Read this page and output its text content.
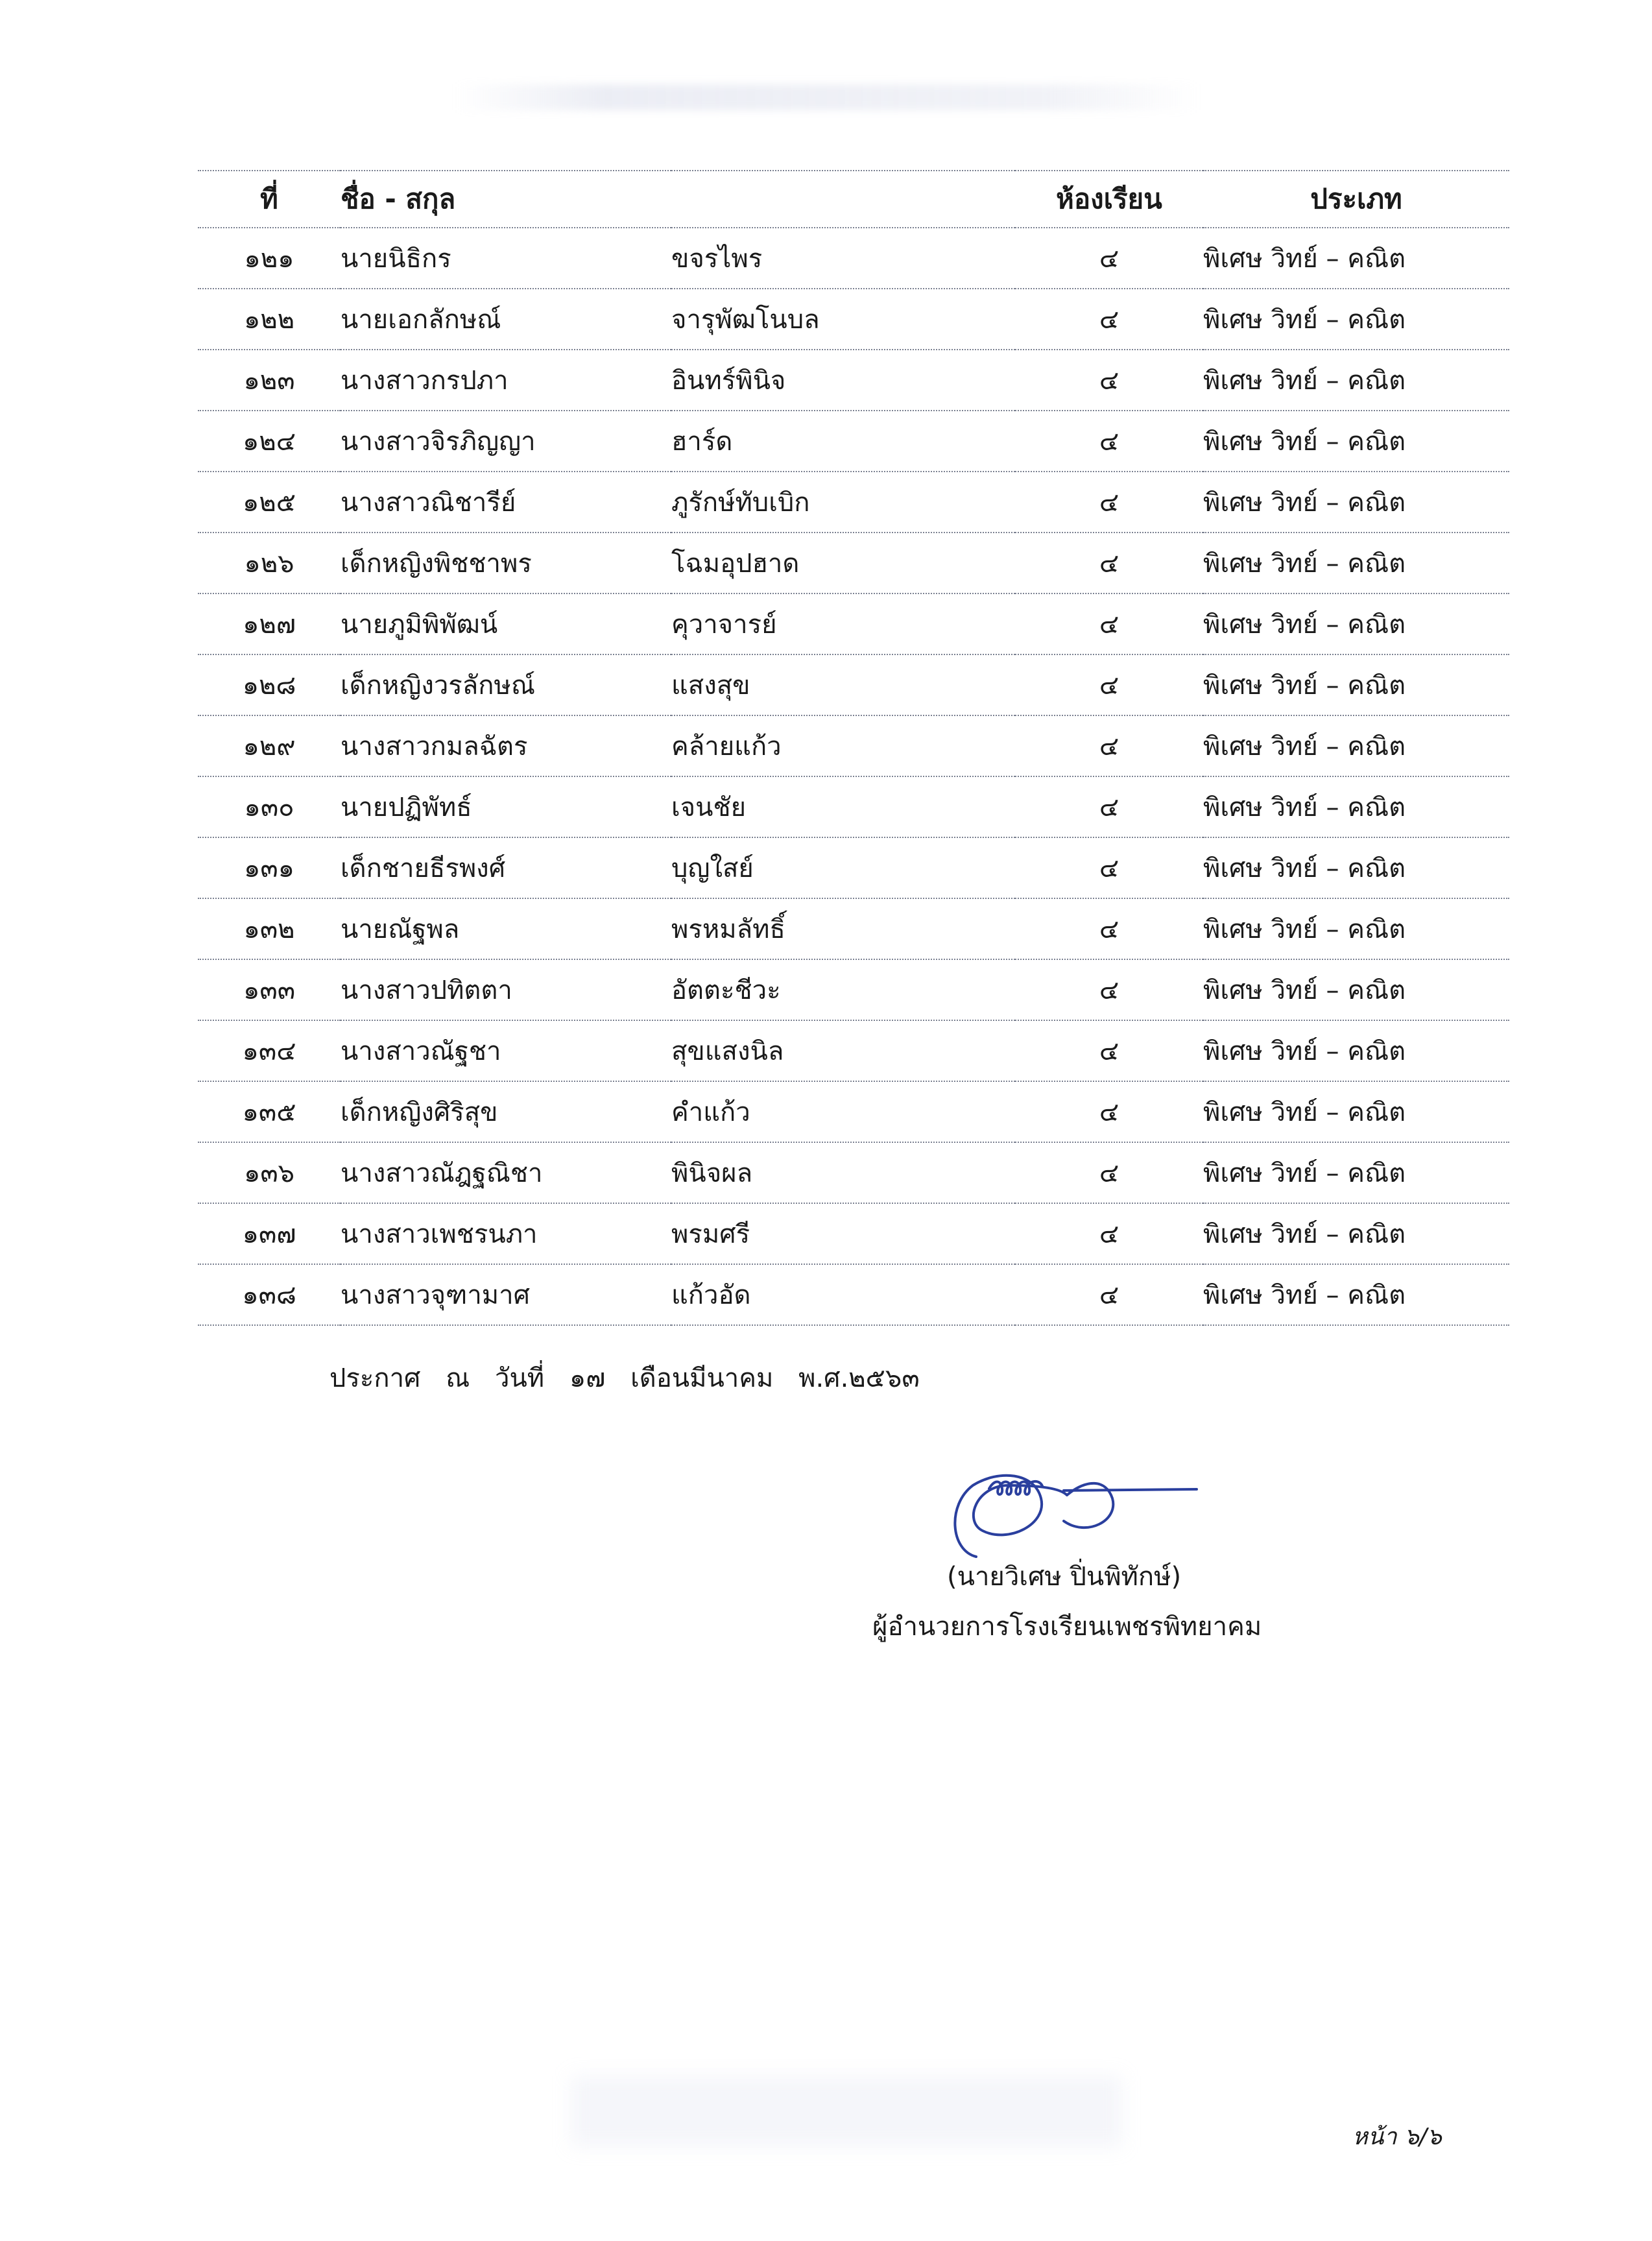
ที่	ชื่อ - สกุล		ห้องเรียน	ประเภท
๑๒๑	นายนิธิกร	ขจรไพร	๔	พิเศษ วิทย์ – คณิต
๑๒๒	นายเอกลักษณ์	จารุพัฒโนบล	๔	พิเศษ วิทย์ – คณิต
๑๒๓	นางสาวกรปภา	อินทร์พินิจ	๔	พิเศษ วิทย์ – คณิต
๑๒๔	นางสาวจิรภิญญา	ฮาร์ด	๔	พิเศษ วิทย์ – คณิต
๑๒๕	นางสาวณิชารีย์	ภูรักษ์ทับเบิก	๔	พิเศษ วิทย์ – คณิต
๑๒๖	เด็กหญิงพิชชาพร	โฉมอุปฮาด	๔	พิเศษ วิทย์ – คณิต
๑๒๗	นายภูมิพิพัฒน์	คุวาจารย์	๔	พิเศษ วิทย์ – คณิต
๑๒๘	เด็กหญิงวรลักษณ์	แสงสุข	๔	พิเศษ วิทย์ – คณิต
๑๒๙	นางสาวกมลฉัตร	คล้ายแก้ว	๔	พิเศษ วิทย์ – คณิต
๑๓๐	นายปฏิพัทธ์	เจนชัย	๔	พิเศษ วิทย์ – คณิต
๑๓๑	เด็กชายธีรพงศ์	บุญใสย์	๔	พิเศษ วิทย์ – คณิต
๑๓๒	นายณัฐพล	พรหมลัทธิ์	๔	พิเศษ วิทย์ – คณิต
๑๓๓	นางสาวปทิตตา	อัตตะชีวะ	๔	พิเศษ วิทย์ – คณิต
๑๓๔	นางสาวณัฐชา	สุขแสงนิล	๔	พิเศษ วิทย์ – คณิต
๑๓๕	เด็กหญิงศิริสุข	คำแก้ว	๔	พิเศษ วิทย์ – คณิต
๑๓๖	นางสาวณัฎฐณิชา	พินิจผล	๔	พิเศษ วิทย์ – คณิต
๑๓๗	นางสาวเพชรนภา	พรมศรี	๔	พิเศษ วิทย์ – คณิต
๑๓๘	นางสาวจุฑามาศ	แก้วอัด	๔	พิเศษ วิทย์ – คณิต
ประกาศ ณ วันที่ ๑๗ เดือนมีนาคม พ.ศ.๒๕๖๓
(นายวิเศษ ปิ่นพิทักษ์)
ผู้อำนวยการโรงเรียนเพชรพิทยาคม
หน้า ๖/๖
